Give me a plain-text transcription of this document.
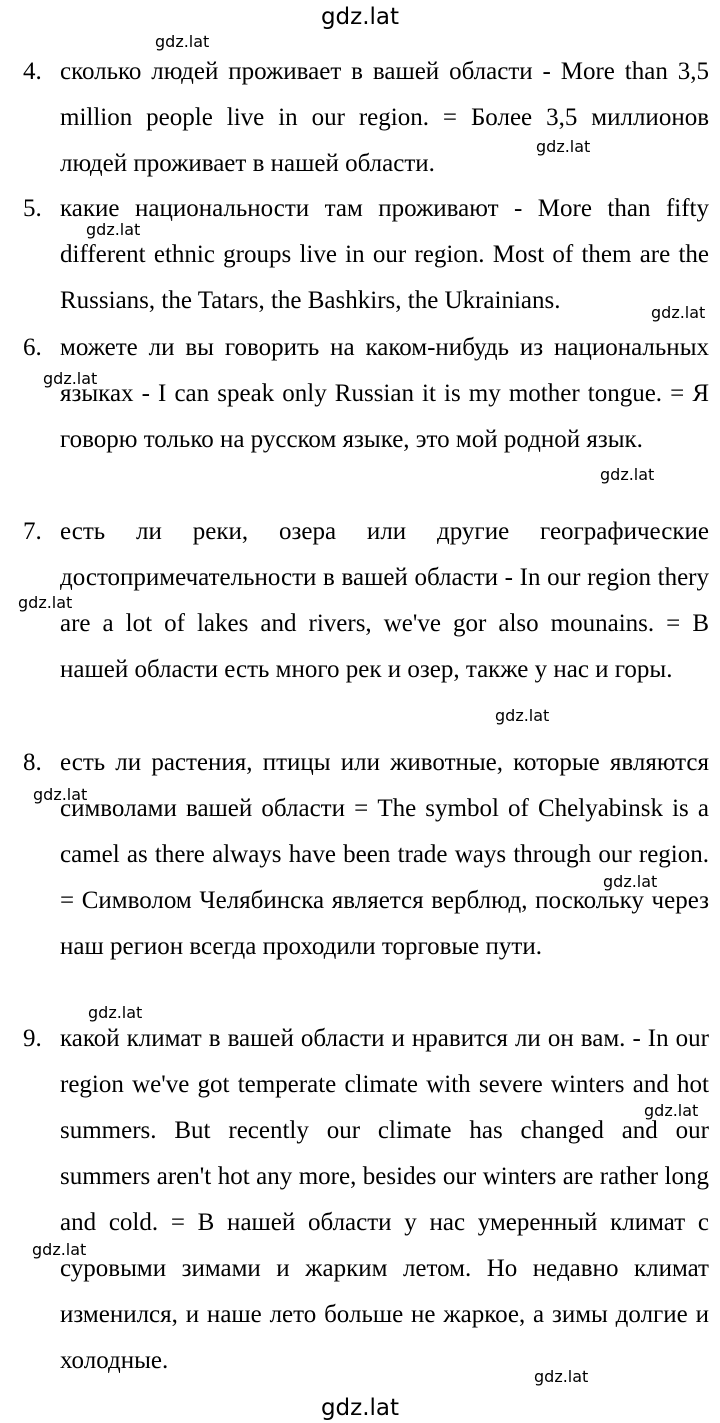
gdz.lat
4. сколько людей проживает в вашей области - More than 3,5 million people live in our region. = Более 3,5 миллионов людей проживает в нашей области.
5. какие национальности там проживают - More than fifty different ethnic groups live in our region. Most of them are the Russians, the Tatars, the Bashkirs, the Ukrainians.
6. можете ли вы говорить на каком-нибудь из национальных языках - I can speak only Russian it is my mother tongue. = Я говорю только на русском языке, это мой родной язык.
7. есть ли реки, озера или другие географические достопримечательности в вашей области - In our region thery are a lot of lakes and rivers, we've gor also mounains. = В нашей области есть много рек и озер, также у нас и горы.
8. есть ли растения, птицы или животные, которые являются символами вашей области = The symbol of Chelyabinsk is a camel as there always have been trade ways through our region. = Символом Челябинска является верблюд, поскольку через наш регион всегда проходили торговые пути.
9. какой климат в вашей области и нравится ли он вам. - In our region we've got temperate climate with severe winters and hot summers. But recently our climate has changed and our summers aren't hot any more, besides our winters are rather long and cold. = В нашей области у нас умеренный климат с суровыми зимами и жарким летом. Но недавно климат изменился, и наше лето больше не жаркое, а зимы долгие и холодные.
gdz.lat
gdz.lat
gdz.lat
gdz.lat
gdz.lat
gdz.lat
gdz.lat
gdz.lat
gdz.lat
gdz.lat
gdz.lat
gdz.lat
gdz.lat
gdz.lat
gdz.lat
